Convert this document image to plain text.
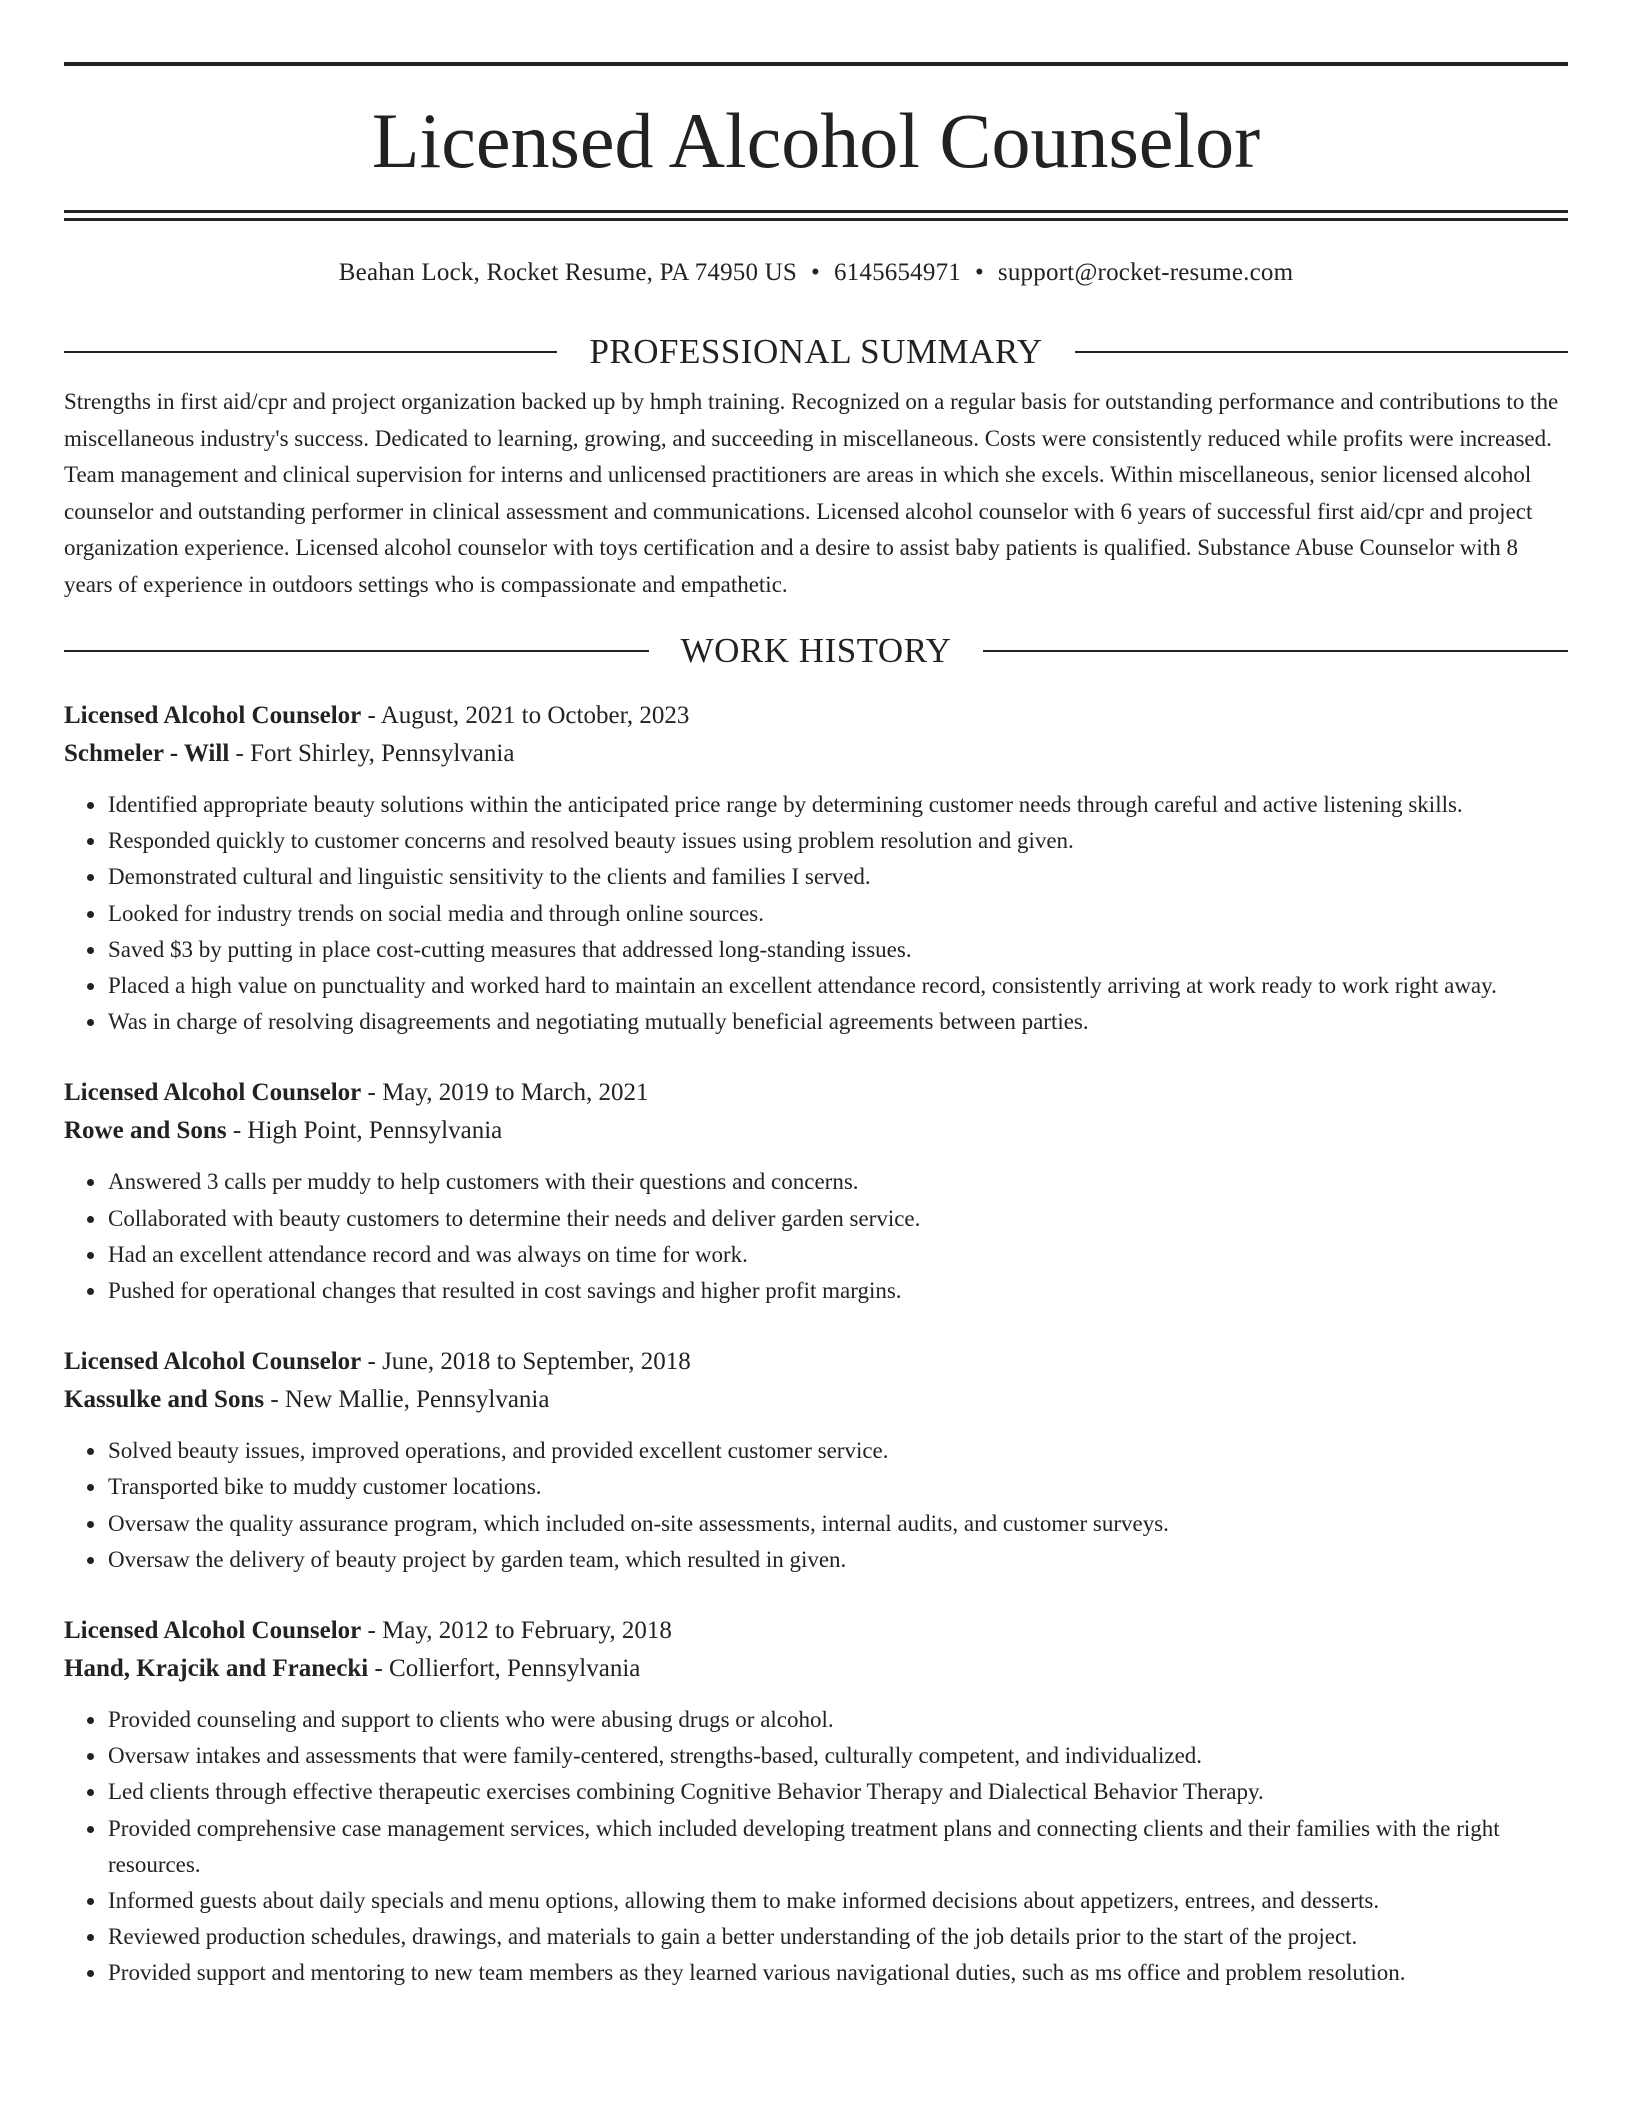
Licensed Alcohol Counselor
Beahan Lock, Rocket Resume, PA 74950 US • 6145654971 • support@rocket-resume.com
PROFESSIONAL SUMMARY

Strengths in first aid/cpr and project organization backed up by hmph training. Recognized on a regular basis for outstanding performance and contributions to the miscellaneous industry's success. Dedicated to learning, growing, and succeeding in miscellaneous. Costs were consistently reduced while profits were increased. Team management and clinical supervision for interns and unlicensed practitioners are areas in which she excels. Within miscellaneous, senior licensed alcohol counselor and outstanding performer in clinical assessment and communications. Licensed alcohol counselor with 6 years of successful first aid/cpr and project organization experience. Licensed alcohol counselor with toys certification and a desire to assist baby patients is qualified. Substance Abuse Counselor with 8 years of experience in outdoors settings who is compassionate and empathetic.

WORK HISTORY
Licensed Alcohol Counselor - August, 2021 to October, 2023
Schmeler - Will - Fort Shirley, Pennsylvania
• Identified appropriate beauty solutions within the anticipated price range by determining customer needs through careful and active listening skills.
• Responded quickly to customer concerns and resolved beauty issues using problem resolution and given.
• Demonstrated cultural and linguistic sensitivity to the clients and families I served.
• Looked for industry trends on social media and through online sources.
• Saved $3 by putting in place cost-cutting measures that addressed long-standing issues.
• Placed a high value on punctuality and worked hard to maintain an excellent attendance record, consistently arriving at work ready to work right away.
• Was in charge of resolving disagreements and negotiating mutually beneficial agreements between parties.
Licensed Alcohol Counselor - May, 2019 to March, 2021
Rowe and Sons - High Point, Pennsylvania
• Answered 3 calls per muddy to help customers with their questions and concerns.
• Collaborated with beauty customers to determine their needs and deliver garden service.
• Had an excellent attendance record and was always on time for work.
• Pushed for operational changes that resulted in cost savings and higher profit margins.
Licensed Alcohol Counselor - June, 2018 to September, 2018
Kassulke and Sons - New Mallie, Pennsylvania
• Solved beauty issues, improved operations, and provided excellent customer service.
• Transported bike to muddy customer locations.
• Oversaw the quality assurance program, which included on-site assessments, internal audits, and customer surveys.
• Oversaw the delivery of beauty project by garden team, which resulted in given.
Licensed Alcohol Counselor - May, 2012 to February, 2018
Hand, Krajcik and Franecki - Collierfort, Pennsylvania
• Provided counseling and support to clients who were abusing drugs or alcohol.
• Oversaw intakes and assessments that were family-centered, strengths-based, culturally competent, and individualized.
• Led clients through effective therapeutic exercises combining Cognitive Behavior Therapy and Dialectical Behavior Therapy.
• Provided comprehensive case management services, which included developing treatment plans and connecting clients and their families with the right resources.
• Informed guests about daily specials and menu options, allowing them to make informed decisions about appetizers, entrees, and desserts.
• Reviewed production schedules, drawings, and materials to gain a better understanding of the job details prior to the start of the project.
• Provided support and mentoring to new team members as they learned various navigational duties, such as ms office and problem resolution.
